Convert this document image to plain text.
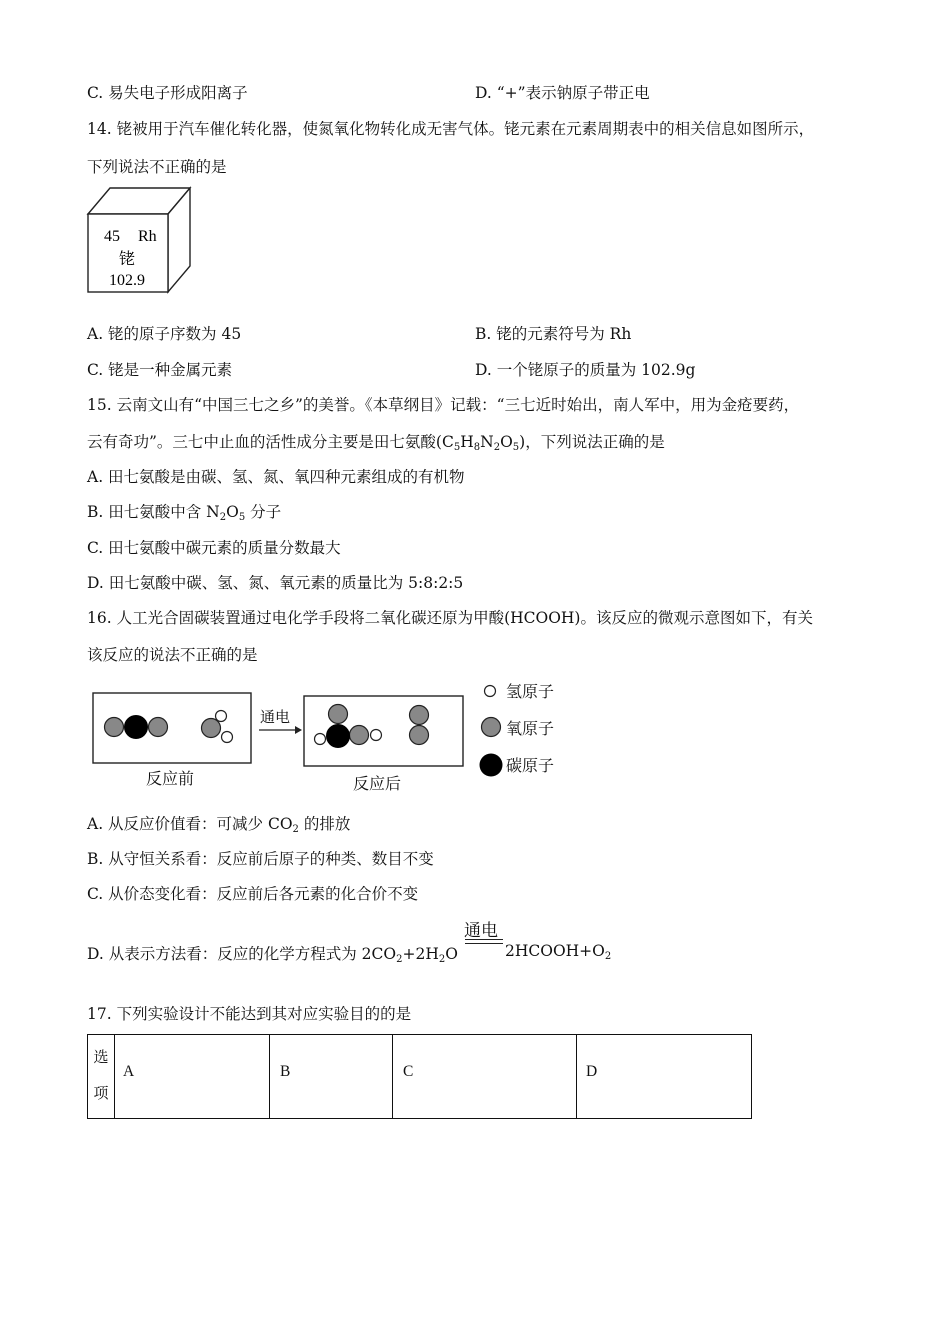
C. 易失电子形成阳离子	D. “+”表示钠原子带正电
14. 铑被用于汽车催化转化器，使氮氧化物转化成无害气体。铑元素在元素周期表中的相关信息如图所示，
下列说法不正确的是
45 Rh
铑
102.9
A. 铑的原子序数为 45	B. 铑的元素符号为 Rh
C. 铑是一种金属元素	D. 一个铑原子的质量为 102.9g
15. 云南文山有“中国三七之乡”的美誉。《本草纲目》记载：“三七近时始出，南人军中，用为金疮要药，
云有奇功”。三七中止血的活性成分主要是田七氨酸$(C_5H_8N_2O_5)$，下列说法正确的是
A. 田七氨酸是由碳、氢、氮、氧四种元素组成的有机物
B. 田七氨酸中含 $N_2O_5$ 分子
C. 田七氨酸中碳元素的质量分数最大
D. 田七氨酸中碳、氢、氮、氧元素的质量比为 5:8:2:5
16. 人工光合固碳装置通过电化学手段将二氧化碳还原为甲酸(HCOOH)。该反应的微观示意图如下，有关
该反应的说法不正确的是
反应前
通电
反应后
氢原子
氧原子
碳原子
A. 从反应价值看：可减少 $CO_2$ 的排放
B. 从守恒关系看：反应前后原子的种类、数目不变
C. 从价态变化看：反应前后各元素的化合价不变
通电
D. 从表示方法看：反应的化学方程式为 $2CO_2+2H_2O$	$2HCOOH+O_2$
17. 下列实验设计不能达到其对应实验目的的是
选
项
	A	B	C	D
